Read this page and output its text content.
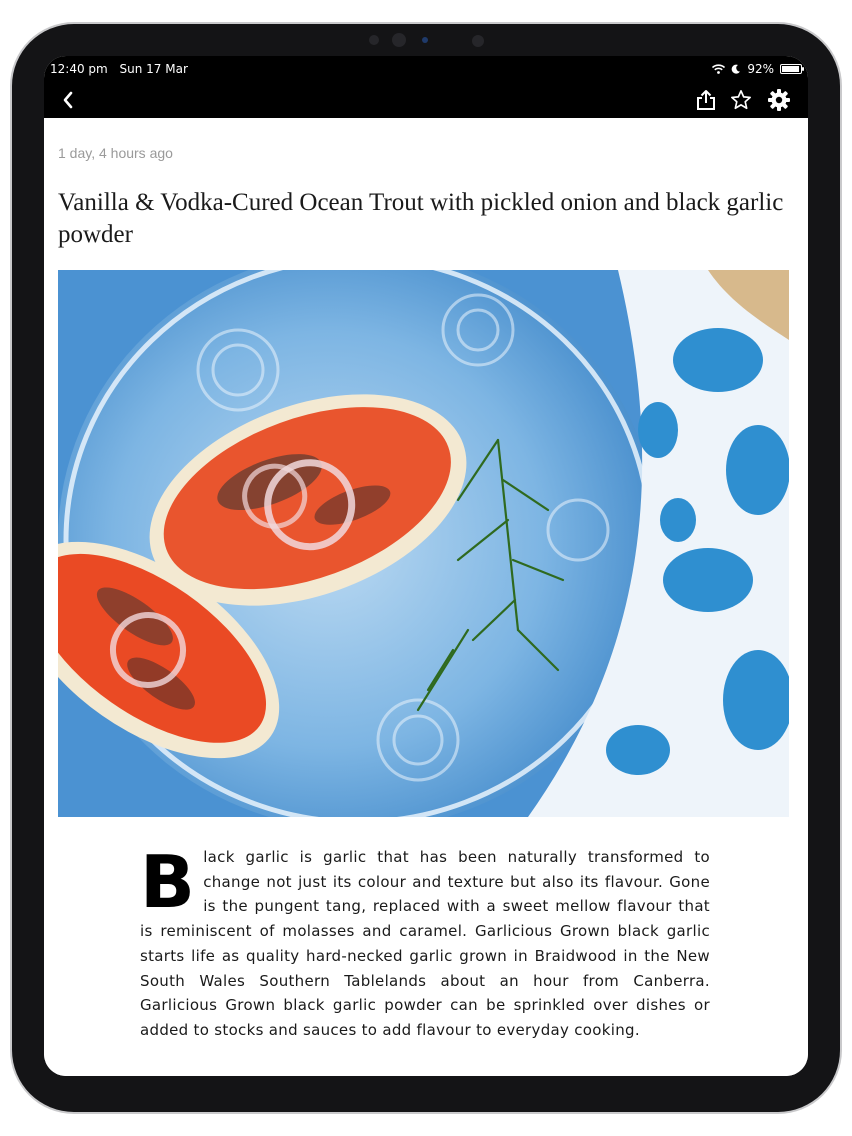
12:40 pm Sun 17 Mar	92%
1 day, 4 hours ago
Vanilla & Vodka-Cured Ocean Trout with pickled onion and black garlic powder
Black garlic is garlic that has been naturally transformed to change not just its colour and texture but also its flavour. Gone is the pungent tang, replaced with a sweet mellow flavour that is reminiscent of molasses and caramel. Garlicious Grown black garlic starts life as quality hard-necked garlic grown in Braidwood in the New South Wales Southern Tablelands about an hour from Canberra. Garlicious Grown black garlic powder can be sprinkled over dishes or added to stocks and sauces to add flavour to everyday cooking.
